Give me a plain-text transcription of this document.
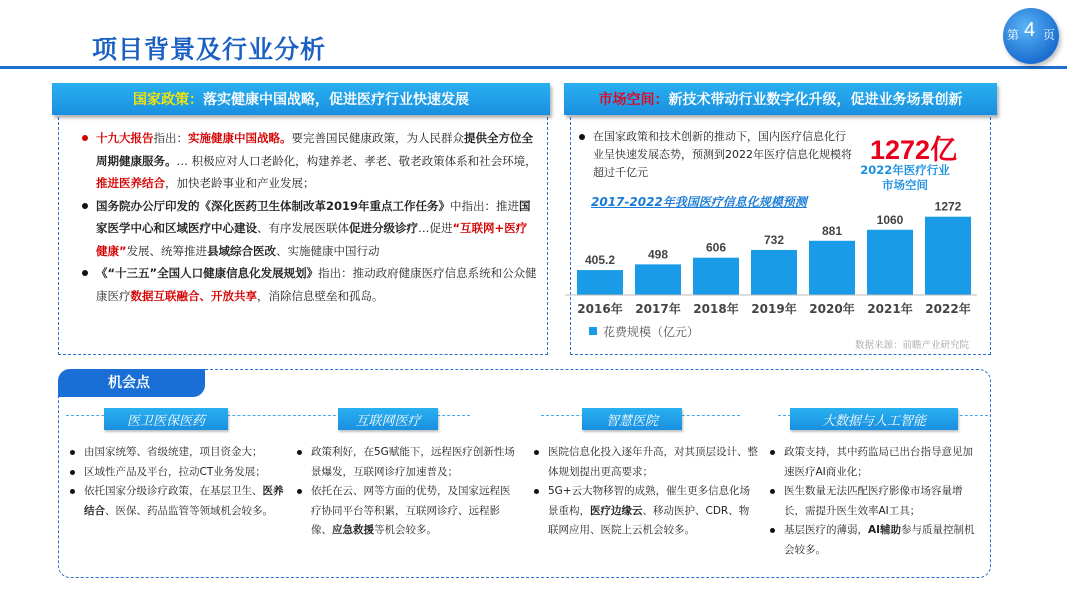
项目背景及行业分析	第 4 页
国家政策： 落实健康中国战略，促进医疗行业快速发展

十九大报告指出：实施健康中国战略。要完善国民健康政策，为人民群众提供全方位全周期健康服务。… 积极应对人口老龄化，构建养老、孝老、敬老政策体系和社会环境，推进医养结合，加快老龄事业和产业发展；

国务院办公厅印发的《深化医药卫生体制改革2019年重点工作任务》中指出：推进国家医学中心和区域医疗中心建设、有序发展医联体促进分级诊疗…促进“互联网+医疗健康”发展、统筹推进县域综合医改、实施健康中国行动

《“十三五”全国人口健康信息化发展规划》指出：推动政府健康医疗信息系统和公众健康医疗数据互联融合、开放共享，消除信息壁垒和孤岛。

市场空间： 新技术带动行业数字化升级，促进业务场景创新
在国家政策和技术创新的推动下，国内医疗信息化行业呈快速发展态势，预测到2022年医疗信息化规模将超过千亿元
1272亿
2022年医疗行业
市场空间
2017-2022年我国医疗信息化规模预测
405.2
2016年
498
2017年
606
2018年
732
2019年
881
2020年
1060
2021年
1272
2022年
花费规模（亿元）
数据来源：前瞻产业研究院
机会点
医卫医保医药

由国家统筹、省级统建，项目资金大；

区域性产品及平台，拉动CT业务发展；

依托国家分级诊疗政策，在基层卫生、医养结合、医保、药品监管等领域机会较多。

互联网医疗

政策利好，在5G赋能下，远程医疗创新性场景爆发，互联网诊疗加速普及；

依托在云、网等方面的优势，及国家远程医疗协同平台等积累，互联网诊疗、远程影像、应急救援等机会较多。

智慧医院

医院信息化投入逐年升高，对其顶层设计、整体规划提出更高要求；

5G+云大物移智的成熟，催生更多信息化场景重构，医疗边缘云、移动医护、CDR、物联网应用、医院上云机会较多。

大数据与人工智能

政策支持，其中药监局已出台指导意见加速医疗AI商业化；

医生数量无法匹配医疗影像市场容量增长，需提升医生效率AI工具；

基层医疗的薄弱，AI辅助参与质量控制机会较多。
